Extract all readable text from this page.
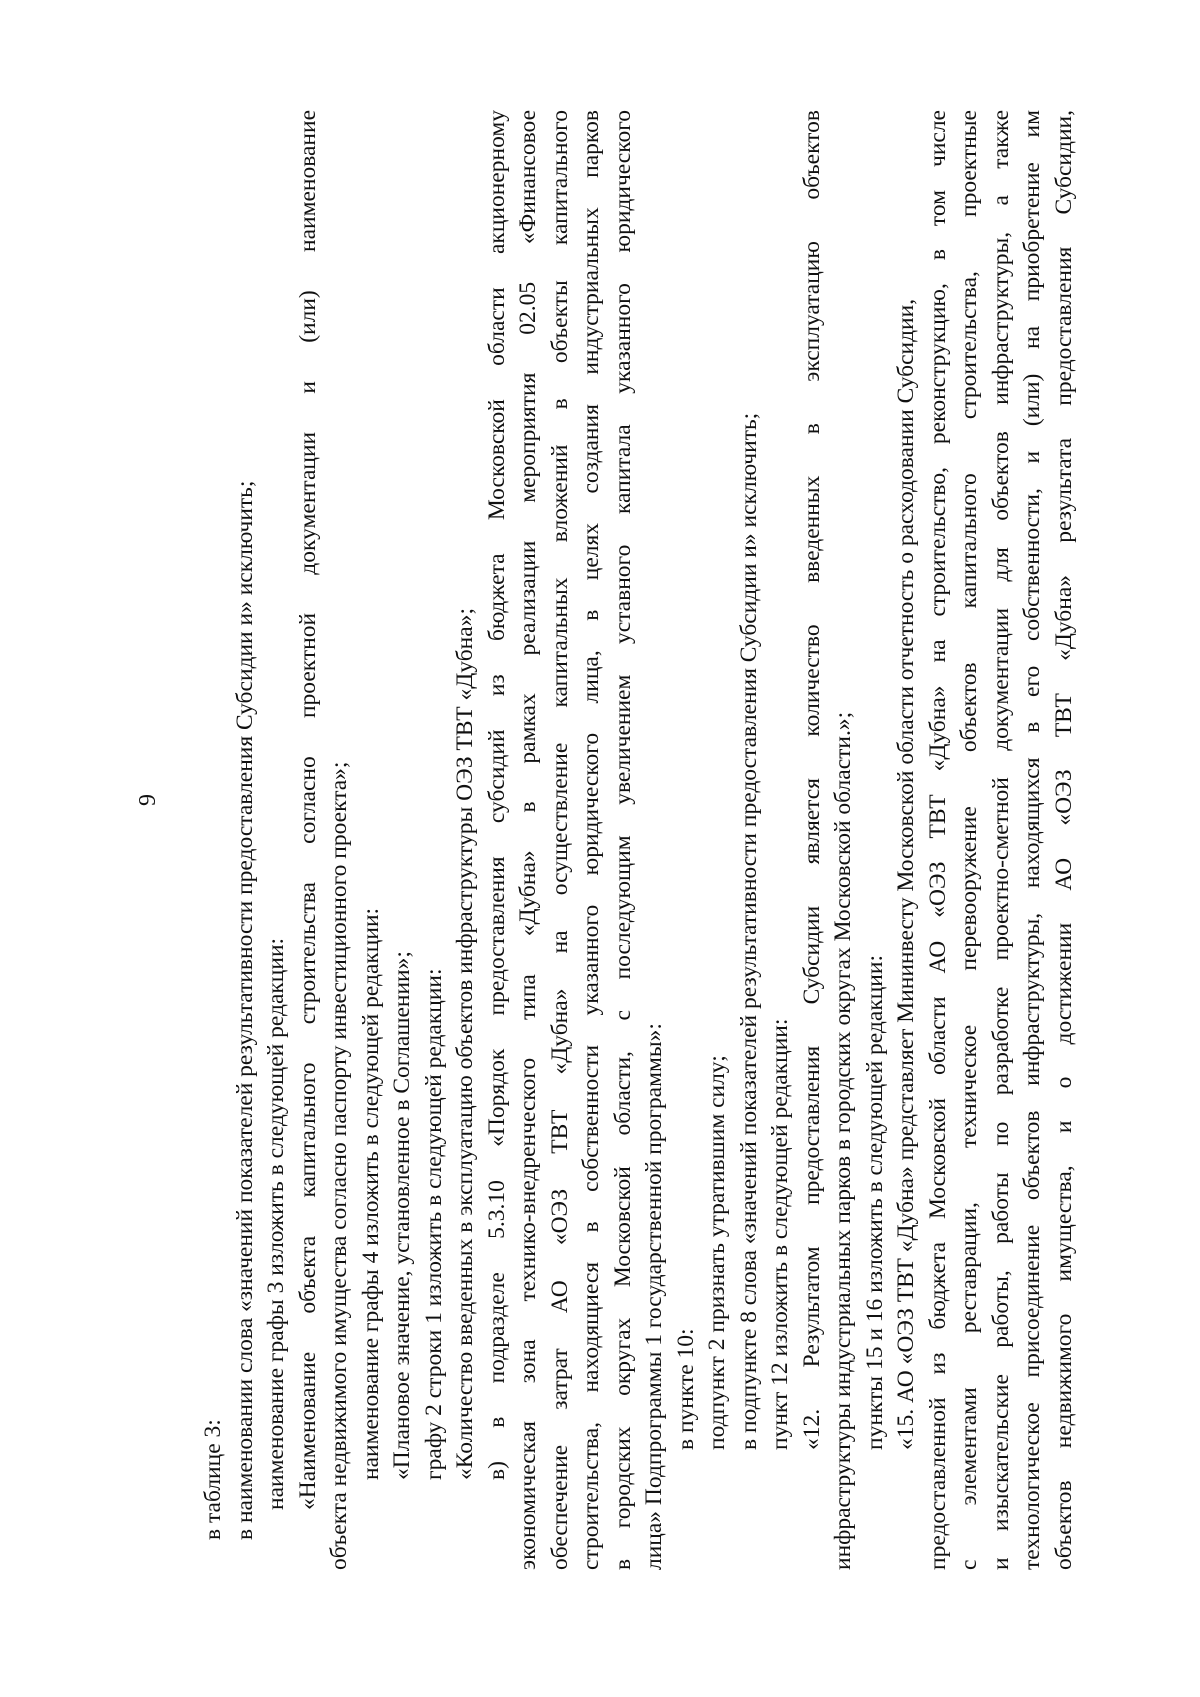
9
в таблице 3: в наименовании слова «значений показателей результативности предоставления Субсидии и» исключить; наименование графы 3 изложить в следующей редакции: «Наименование объекта капитального строительства согласно проектной документации и (или) наименование объекта недвижимого имущества согласно паспорту инвестиционного проекта»; наименование графы 4 изложить в следующей редакции: «Плановое значение, установленное в Соглашении»; графу 2 строки 1 изложить в следующей редакции: «Количество введенных в эксплуатацию объектов инфраструктуры ОЭЗ ТВТ «Дубна»; в) в подразделе 5.3.10 «Порядок предоставления субсидий из бюджета Московской области акционерному экономическая зона технико-внедренческого типа «Дубна» в рамках реализации мероприятия 02.05 «Финансовое обеспечение затрат АО «ОЭЗ ТВТ «Дубна» на осуществление капитальных вложений в объекты капитального строительства, находящиеся в собственности указанного юридического лица, в целях создания индустриальных парков в городских округах Московской области, с последующим увеличением уставного капитала указанного юридического лица» Подпрограммы 1 государственной программы»: в пункте 10: подпункт 2 признать утратившим силу; в подпункте 8 слова «значений показателей результативности предоставления Субсидии и» исключить; пункт 12 изложить в следующей редакции: «12. Результатом предоставления Субсидии является количество введенных в эксплуатацию объектов инфраструктуры индустриальных парков в городских округах Московской области.»; пункты 15 и 16 изложить в следующей редакции: «15. АО «ОЭЗ ТВТ «Дубна» представляет Мининвесту Московской области отчетность о расходовании Субсидии, предоставленной из бюджета Московской области АО «ОЭЗ ТВТ «Дубна» на строительство, реконструкцию, в том числе с элементами реставрации, техническое перевооружение объектов капитального строительства, проектные и изыскательские работы, работы по разработке проектно-сметной документации для объектов инфраструктуры, а также технологическое присоединение объектов инфраструктуры, находящихся в его собственности, и (или) на приобретение им объектов недвижимого имущества, и о достижении АО «ОЭЗ ТВТ «Дубна» результата предоставления Субсидии,
